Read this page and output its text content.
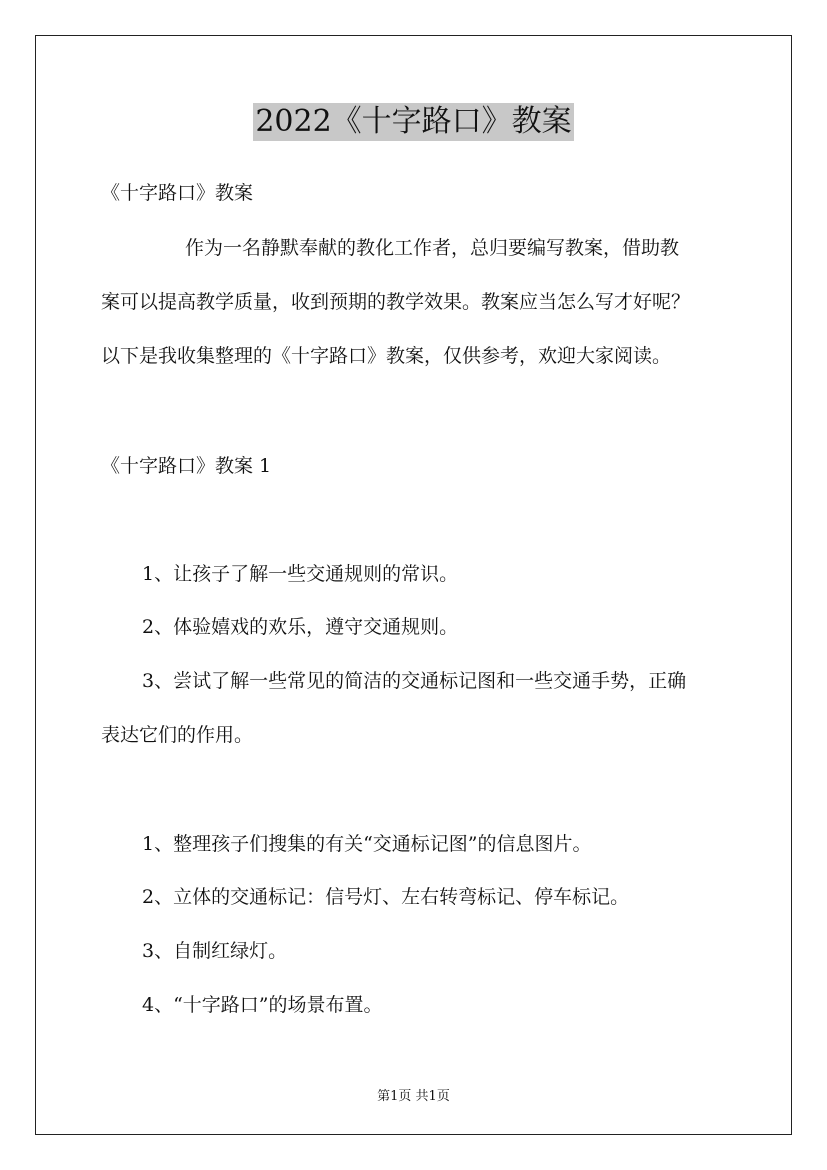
2022《十字路口》教案
《十字路口》教案
作为一名静默奉献的教化工作者，总归要编写教案，借助教
案可以提高教学质量，收到预期的教学效果。教案应当怎么写才好呢？
以下是我收集整理的《十字路口》教案，仅供参考，欢迎大家阅读。
《十字路口》教案 1
1、让孩子了解一些交通规则的常识。
2、体验嬉戏的欢乐，遵守交通规则。
3、尝试了解一些常见的简洁的交通标记图和一些交通手势，正确
表达它们的作用。
1、整理孩子们搜集的有关“交通标记图”的信息图片。
2、立体的交通标记：信号灯、左右转弯标记、停车标记。
3、自制红绿灯。
4、“十字路口”的场景布置。
第1页 共1页
